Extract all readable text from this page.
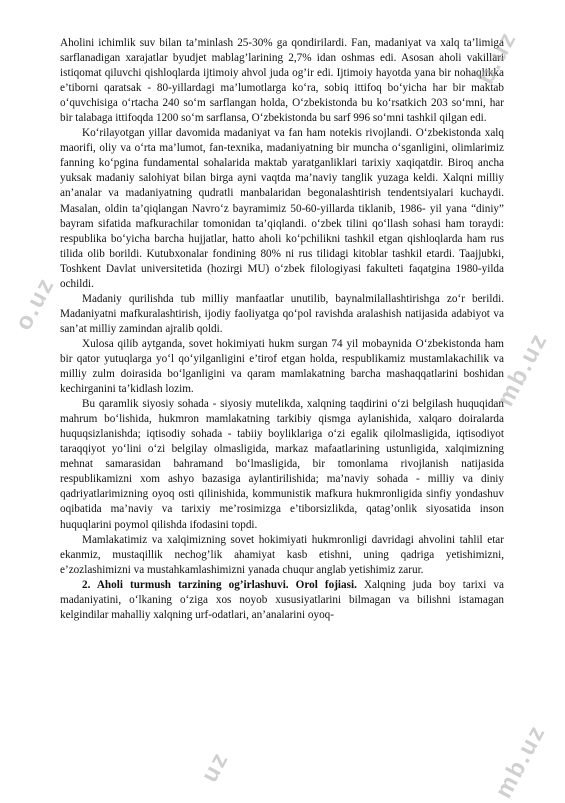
Aholini ichimlik suv bilan ta’minlash 25-30% ga qondirilardi. Fan, madaniyat va xalq ta’limiga sarflanadigan xarajatlar byudjet mablag’larining 2,7% idan oshmas edi. Asosan aholi vakillari istiqomat qiluvchi qishloqlarda ijtimoiy ahvol juda og’ir edi. Ijtimoiy hayotda yana bir nohaqlikka e’tiborni qaratsak - 80-yillardagi ma’lumotlarga ko‘ra, sobiq ittifoq bo‘yicha har bir maktab o‘quvchisiga o‘rtacha 240 so‘m sarflangan holda, O‘zbekistonda bu ko‘rsatkich 203 so‘mni, har bir talabaga ittifoqda 1200 so‘m sarflansa, O‘zbekistonda bu sarf 996 so‘mni tashkil qilgan edi.

Ko‘rilayotgan yillar davomida madaniyat va fan ham notekis rivojlandi. O‘zbekistonda xalq maorifi, oliy va o‘rta ma’lumot, fan-texnika, madaniyatning bir muncha o‘sganligini, olimlarimiz fanning ko‘pgina fundamental sohalarida maktab yaratganliklari tarixiy xaqiqatdir. Biroq ancha yuksak madaniy salohiyat bilan birga ayni vaqtda ma’naviy tanglik yuzaga keldi. Xalqni milliy an’analar va madaniyatning qudratli manbalaridan begonalashtirish tendentsiyalari kuchaydi. Masalan, oldin ta’qiqlangan Navro‘z bayramimiz 50-60-yillarda tiklanib, 1986- yil yana “diniy” bayram sifatida mafkurachilar tomonidan ta’qiqlandi. o‘zbek tilini qo‘llash sohasi ham toraydi: respublika bo‘yicha barcha hujjatlar, hatto aholi ko‘pchilikni tashkil etgan qishloqlarda ham rus tilida olib borildi. Kutubxonalar fondining 80% ni rus tilidagi kitoblar tashkil etardi. Taajjubki, Toshkent Davlat universitetida (hozirgi MU) o‘zbek filologiyasi fakulteti faqatgina 1980-yilda ochildi.

Madaniy qurilishda tub milliy manfaatlar unutilib, baynalmilallashtirishga zo‘r berildi. Madaniyatni mafkuralashtirish, ijodiy faoliyatga qo‘pol ravishda aralashish natijasida adabiyot va san’at milliy zamindan ajralib qoldi.

Xulosa qilib aytganda, sovet hokimiyati hukm surgan 74 yil mobaynida O‘zbekistonda ham bir qator yutuqlarga yo‘l qo‘yilganligini e’tirof etgan holda, respublikamiz mustamlakachilik va milliy zulm doirasida bo‘lganligini va qaram mamlakatning barcha mashaqqatlarini boshidan kechirganini ta’kidlash lozim.

Bu qaramlik siyosiy sohada - siyosiy mutelikda, xalqning taqdirini o‘zi belgilash huquqidan mahrum bo‘lishida, hukmron mamlakatning tarkibiy qismga aylanishida, xalqaro doiralarda huquqsizlanishda; iqtisodiy sohada - tabiiy boyliklariga o‘zi egalik qilolmasligida, iqtisodiyot taraqqiyot yo‘lini o‘zi belgilay olmasligida, markaz mafaatlarining ustunligida, xalqimizning mehnat samarasidan bahramand bo‘lmasligida, bir tomonlama rivojlanish natijasida respublikamizni xom ashyo bazasiga aylantirilishida; ma’naviy sohada - milliy va diniy qadriyatlarimizning oyoq osti qilinishida, kommunistik mafkura hukmronligida sinfiy yondashuv oqibatida ma’naviy va tarixiy me’rosimizga e’tiborsizlikda, qatag’onlik siyosatida inson huquqlarini poymol qilishda ifodasini topdi.

Mamlakatimiz va xalqimizning sovet hokimiyati hukmronligi davridagi ahvolini tahlil etar ekanmiz, mustaqillik nechog’lik ahamiyat kasb etishni, uning qadriga yetishimizni, e’zozlashimizni va mustahkamlashimizni yanada chuqur anglab yetishimiz zarur.

2. Aholi turmush tarzining og’irlashuvi. Orol fojiasi. Xalqning juda boy tarixi va madaniyatini, o‘lkaning o‘ziga xos noyob xususiyatlarini bilmagan va bilishni istamagan kelgindilar mahalliy xalqning urf-odatlari, an’analarini oyoq-

b.uz
o.uz
mb.uz
uz	mb.uz
